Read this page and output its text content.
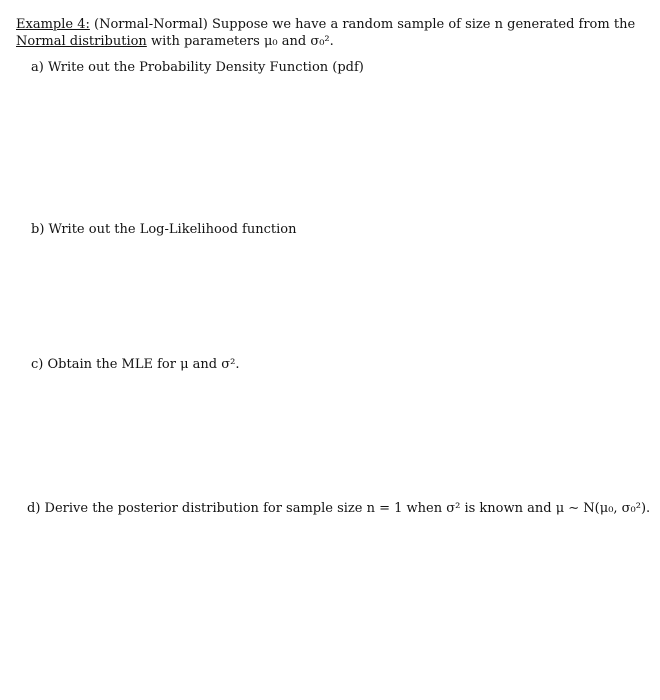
Example 4: (Normal-Normal) Suppose we have a random sample of size n generated from the
Normal distribution with parameters μ₀ and σ₀².
a) Write out the Probability Density Function (pdf)
b) Write out the Log-Likelihood function
c) Obtain the MLE for μ and σ².
d) Derive the posterior distribution for sample size n = 1 when σ² is known and μ ∼ N(μ₀, σ₀²).
